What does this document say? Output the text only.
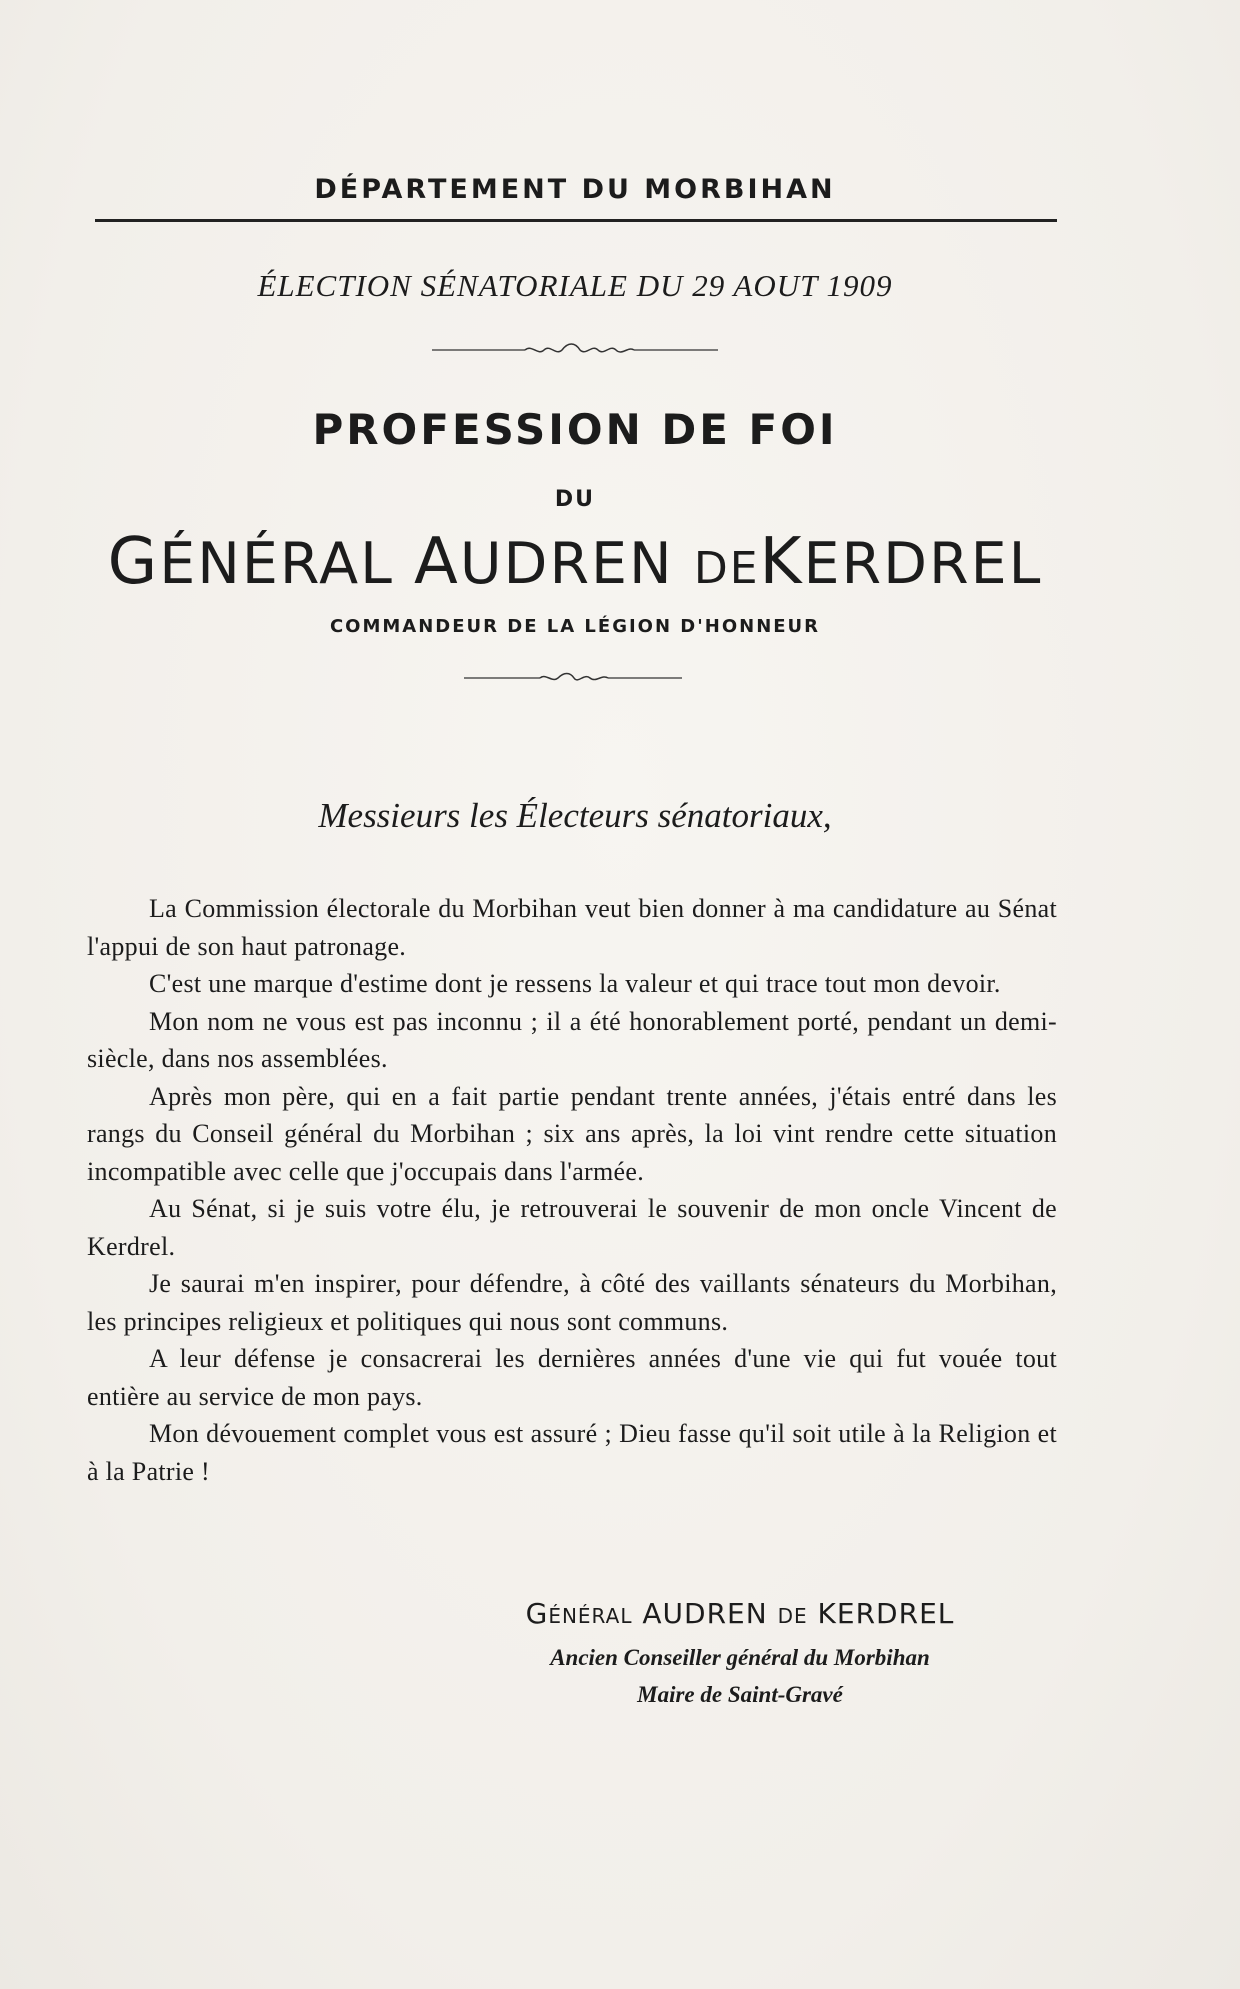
DÉPARTEMENT DU MORBIHAN
ÉLECTION SÉNATORIALE DU 29 AOUT 1909
PROFESSION DE FOI
DU
GÉNÉRAL AUDREN DEKERDREL
COMMANDEUR DE LA LÉGION D'HONNEUR
Messieurs les Électeurs sénatoriaux,

La Commission électorale du Morbihan veut bien donner à ma candidature au Sénat l'appui de son haut patronage.

C'est une marque d'estime dont je ressens la valeur et qui trace tout mon devoir.

Mon nom ne vous est pas inconnu ; il a été honorablement porté, pendant un demi-siècle, dans nos assemblées.

Après mon père, qui en a fait partie pendant trente années, j'étais entré dans les rangs du Conseil général du Morbihan ; six ans après, la loi vint rendre cette situation incompatible avec celle que j'occupais dans l'armée.

Au Sénat, si je suis votre élu, je retrouverai le souvenir de mon oncle Vincent de Kerdrel.

Je saurai m'en inspirer, pour défendre, à côté des vaillants sénateurs du Morbihan, les principes religieux et politiques qui nous sont communs.

A leur défense je consacrerai les dernières années d'une vie qui fut vouée tout entière au service de mon pays.

Mon dévouement complet vous est assuré ; Dieu fasse qu'il soit utile à la Religion et à la Patrie !

GÉNÉRAL AUDREN DE KERDREL
Ancien Conseiller général du Morbihan
Maire de Saint-Gravé
